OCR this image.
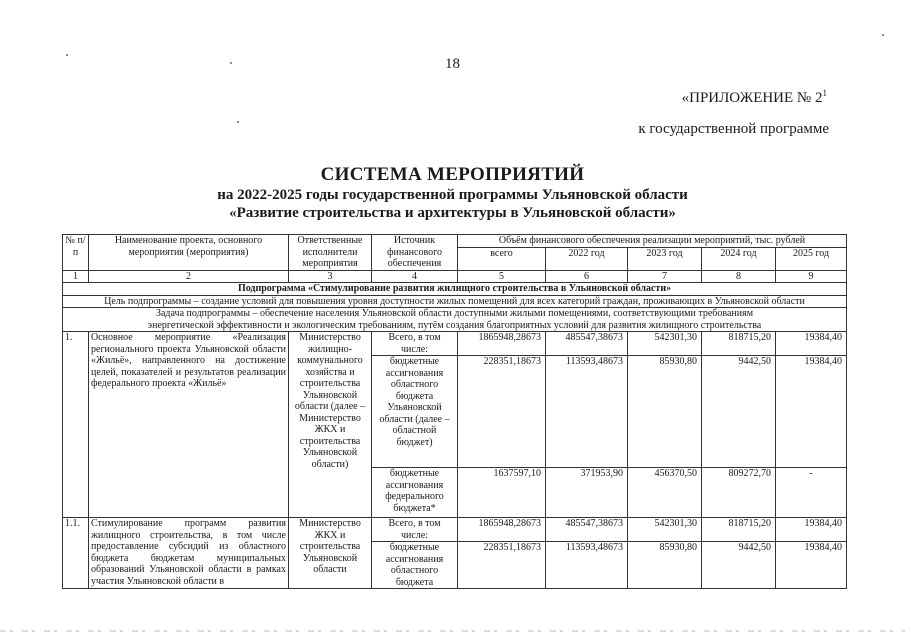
18
«ПРИЛОЖЕНИЕ № $2^1$
к государственной программе
СИСТЕМА МЕРОПРИЯТИЙ
на 2022-2025 годы государственной программы Ульяновской области
«Развитие строительства и архитектуры в Ульяновской области»
№ п/п	Наименование проекта, основного мероприятия (мероприятия)	Ответственные исполнители мероприятия	Источник финансового обеспечения	Объём финансового обеспечения реализации мероприятий, тыс. рублей				
				всего	2022 год	2023 год	2024 год	2025 год
1	2	3	4	5	6	7	8	9
Подпрограмма «Стимулирование развития жилищного строительства в Ульяновской области»								
Цель подпрограммы – создание условий для повышения уровня доступности жилых помещений для всех категорий граждан, проживающих в Ульяновской области								
Задача подпрограммы – обеспечение населения Ульяновской области доступными жилыми помещениями, соответствующими требованиям энергетической эффективности и экологическим требованиям, путём создания благоприятных условий для развития жилищного строительства								
1.	Основное мероприятие «Реализация регионального проекта Ульяновской области «Жильё», направленного на достижение целей, показателей и результатов реализации федерального проекта «Жильё»	Министерство жилищно-коммунального хозяйства и строительства Ульяновской области (далее – Министерство ЖКХ и строительства Ульяновской области)	Всего, в том числе:	1865948,28673	485547,38673	542301,30	818715,20	19384,40
			бюджетные ассигнования областного бюджета Ульяновской области (далее – областной бюджет)	228351,18673	113593,48673	85930,80	9442,50	19384,40
			бюджетные ассигнования федерального бюджета*	1637597,10	371953,90	456370,50	809272,70	-
1.1.	Стимулирование программ развития жилищного строительства, в том числе предоставление субсидий из областного бюджета бюджетам муниципальных образований Ульяновской области в рамках участия Ульяновской области в	Министерство ЖКХ и строительства Ульяновской области	Всего, в том числе:	1865948,28673	485547,38673	542301,30	818715,20	19384,40
			бюджетные ассигнования областного бюджета	228351,18673	113593,48673	85930,80	9442,50	19384,40
